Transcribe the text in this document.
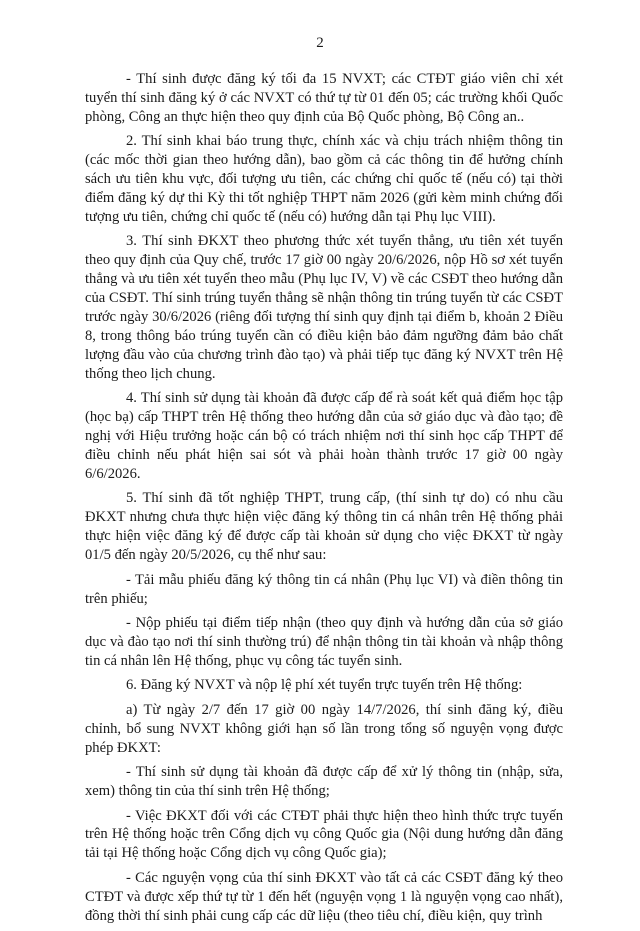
2

- Thí sinh được đăng ký tối đa 15 NVXT; các CTĐT giáo viên chỉ xét tuyển thí sinh đăng ký ở các NVXT có thứ tự từ 01 đến 05; các trường khối Quốc phòng, Công an thực hiện theo quy định của Bộ Quốc phòng, Bộ Công an..

2. Thí sinh khai báo trung thực, chính xác và chịu trách nhiệm thông tin (các mốc thời gian theo hướng dẫn), bao gồm cả các thông tin để hưởng chính sách ưu tiên khu vực, đối tượng ưu tiên, các chứng chỉ quốc tế (nếu có) tại thời điểm đăng ký dự thi Kỳ thi tốt nghiệp THPT năm 2026 (gửi kèm minh chứng đối tượng ưu tiên, chứng chỉ quốc tế (nếu có) hướng dẫn tại Phụ lục VIII).

3. Thí sinh ĐKXT theo phương thức xét tuyển thẳng, ưu tiên xét tuyển theo quy định của Quy chế, trước 17 giờ 00 ngày 20/6/2026, nộp Hồ sơ xét tuyển thẳng và ưu tiên xét tuyển theo mẫu (Phụ lục IV, V) về các CSĐT theo hướng dẫn của CSĐT. Thí sinh trúng tuyển thẳng sẽ nhận thông tin trúng tuyển từ các CSĐT trước ngày 30/6/2026 (riêng đối tượng thí sinh quy định tại điểm b, khoản 2 Điều 8, trong thông báo trúng tuyển cần có điều kiện bảo đảm ngưỡng đảm bảo chất lượng đầu vào của chương trình đào tạo) và phải tiếp tục đăng ký NVXT trên Hệ thống theo lịch chung.

4. Thí sinh sử dụng tài khoản đã được cấp để rà soát kết quả điểm học tập (học bạ) cấp THPT trên Hệ thống theo hướng dẫn của sở giáo dục và đào tạo; đề nghị với Hiệu trưởng hoặc cán bộ có trách nhiệm nơi thí sinh học cấp THPT để điều chỉnh nếu phát hiện sai sót và phải hoàn thành trước 17 giờ 00 ngày 6/6/2026.

5. Thí sinh đã tốt nghiệp THPT, trung cấp, (thí sinh tự do) có nhu cầu ĐKXT nhưng chưa thực hiện việc đăng ký thông tin cá nhân trên Hệ thống phải thực hiện việc đăng ký để được cấp tài khoản sử dụng cho việc ĐKXT từ ngày 01/5 đến ngày 20/5/2026, cụ thể như sau:

- Tải mẫu phiếu đăng ký thông tin cá nhân (Phụ lục VI) và điền thông tin trên phiếu;

- Nộp phiếu tại điểm tiếp nhận (theo quy định và hướng dẫn của sở giáo dục và đào tạo nơi thí sinh thường trú) để nhận thông tin tài khoản và nhập thông tin cá nhân lên Hệ thống, phục vụ công tác tuyển sinh.

6. Đăng ký NVXT và nộp lệ phí xét tuyển trực tuyến trên Hệ thống:

a) Từ ngày 2/7 đến 17 giờ 00 ngày 14/7/2026, thí sinh đăng ký, điều chỉnh, bổ sung NVXT không giới hạn số lần trong tổng số nguyện vọng được phép ĐKXT:

- Thí sinh sử dụng tài khoản đã được cấp để xử lý thông tin (nhập, sửa, xem) thông tin của thí sinh trên Hệ thống;

- Việc ĐKXT đối với các CTĐT phải thực hiện theo hình thức trực tuyến trên Hệ thống hoặc trên Cổng dịch vụ công Quốc gia (Nội dung hướng dẫn đăng tải tại Hệ thống hoặc Cổng dịch vụ công Quốc gia);

- Các nguyện vọng của thí sinh ĐKXT vào tất cả các CSĐT đăng ký theo CTĐT và được xếp thứ tự từ 1 đến hết (nguyện vọng 1 là nguyện vọng cao nhất), đồng thời thí sinh phải cung cấp các dữ liệu (theo tiêu chí, điều kiện, quy trình
